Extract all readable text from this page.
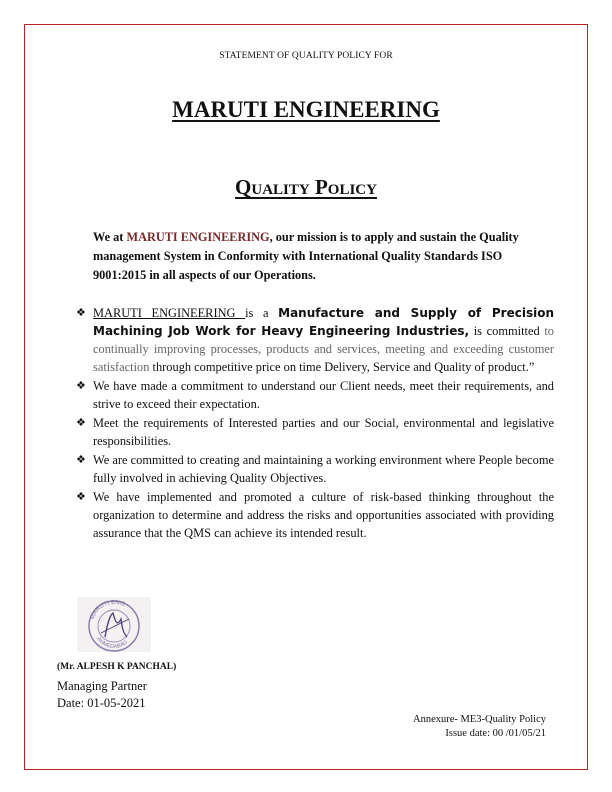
STATEMENT OF QUALITY POLICY FOR
MARUTI ENGINEERING
Quality Policy
We at MARUTI ENGINEERING, our mission is to apply and sustain the Quality management System in Conformity with International Quality Standards ISO 9001:2015 in all aspects of our Operations.
❖ MARUTI ENGINEERING is a Manufacture and Supply of Precision Machining Job Work for Heavy Engineering Industries, is committed to continually improving processes, products and services, meeting and exceeding customer satisfaction through competitive price on time Delivery, Service and Quality of product.”
❖ We have made a commitment to understand our Client needs, meet their requirements, and strive to exceed their expectation.
❖ Meet the requirements of Interested parties and our Social, environmental and legislative responsibilities.
❖ We are committed to creating and maintaining a working environment where People become fully involved in achieving Quality Objectives.
❖ We have implemented and promoted a culture of risk-based thinking throughout the organization to determine and address the risks and opportunities associated with providing assurance that the QMS can achieve its intended result.
MARUTI ENG.
AHMEDABAD
(Mr. ALPESH K PANCHAL)
Managing Partner
Date: 01-05-2021
Annexure- ME3-Quality Policy
Issue date: 00 /01/05/21
